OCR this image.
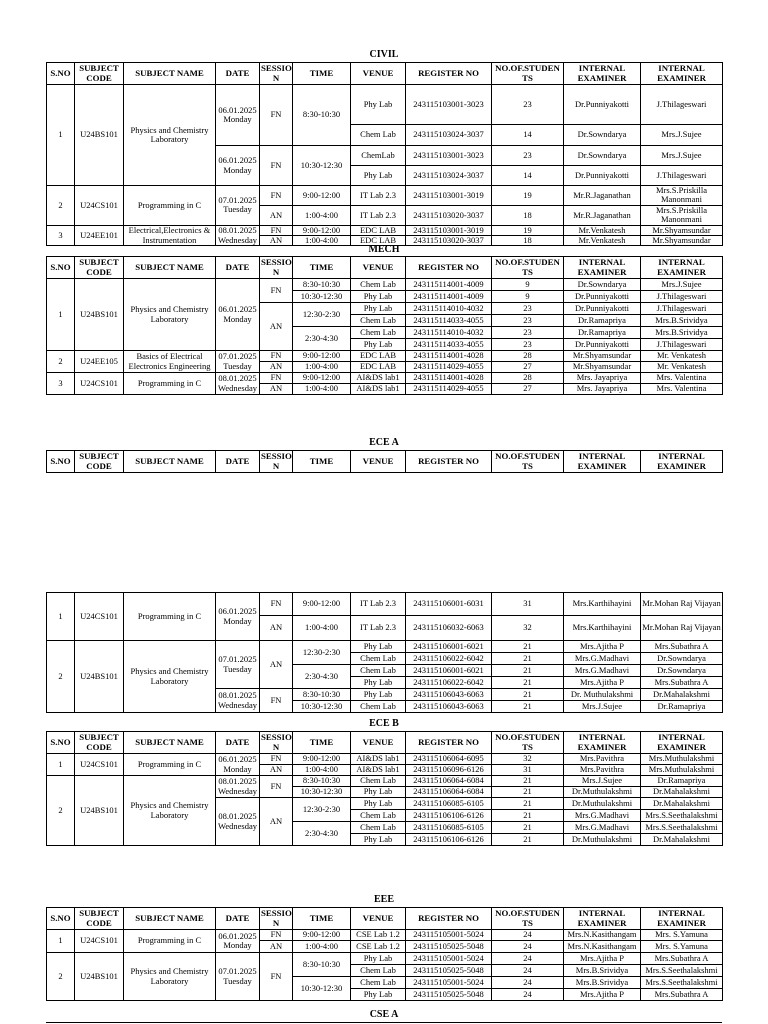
CIVIL
S.NO	SUBJECT CODE	SUBJECT NAME	DATE	SESSIO N	TIME	VENUE	REGISTER NO	NO.OF.STUDEN TS	INTERNAL EXAMINER	INTERNAL EXAMINER
1	U24BS101	Physics and Chemistry Laboratory	06.01.2025 Monday	FN	8:30-10:30	Phy Lab	243115103001-3023	23	Dr.Punniyakotti	J.Thilageswari
						Chem Lab	243115103024-3037	14	Dr.Sowndarya	Mrs.J.Sujee
			06.01.2025 Monday	FN	10:30-12:30	ChemLab	243115103001-3023	23	Dr.Sowndarya	Mrs.J.Sujee
						Phy Lab	243115103024-3037	14	Dr.Punniyakotti	J.Thilageswari
2	U24CS101	Programming in C	07.01.2025 Tuesday	FN	9:00-12:00	IT Lab 2.3	243115103001-3019	19	Mr.R.Jaganathan	Mrs.S.Priskilla Manonmani
				AN	1:00-4:00	IT Lab 2.3	243115103020-3037	18	Mr.R.Jaganathan	Mrs.S.Priskilla Manonmani
3	U24EE101	Electrical,Electronics & Instrumentation	08.01.2025 Wednesday	FN	9:00-12:00	EDC LAB	243115103001-3019	19	Mr.Venkatesh	Mr.Shyamsundar
				AN	1:00-4:00	EDC LAB	243115103020-3037	18	Mr.Venkatesh	Mr.Shyamsundar
MECH
S.NO	SUBJECT CODE	SUBJECT NAME	DATE	SESSIO N	TIME	VENUE	REGISTER NO	NO.OF.STUDEN TS	INTERNAL EXAMINER	INTERNAL EXAMINER
1	U24BS101	Physics and Chemistry Laboratory	06.01.2025 Monday	FN	8:30-10:30	Chem Lab	243115114001-4009	9	Dr.Sowndarya	Mrs.J.Sujee
					10:30-12:30	Phy Lab	243115114001-4009	9	Dr.Punniyakotti	J.Thilageswari
				AN	12:30-2:30	Phy Lab	243115114010-4032	23	Dr.Punniyakotti	J.Thilageswari
						Chem Lab	243115114033-4055	23	Dr.Ramapriya	Mrs.B.Srividya
					2:30-4:30	Chem Lab	243115114010-4032	23	Dr.Ramapriya	Mrs.B.Srividya
						Phy Lab	243115114033-4055	23	Dr.Punniyakotti	J.Thilageswari
2	U24EE105	Basics of Electrical Electronics Engineering	07.01.2025 Tuesday	FN	9:00-12:00	EDC LAB	243115114001-4028	28	Mr.Shyamsundar	Mr. Venkatesh
				AN	1:00-4:00	EDC LAB	243115114029-4055	27	Mr.Shyamsundar	Mr. Venkatesh
3	U24CS101	Programming in C	08.01.2025 Wednesday	FN	9:00-12:00	AI&DS lab1	243115114001-4028	28	Mrs. Jayapriya	Mrs. Valentina
				AN	1:00-4:00	AI&DS lab1	243115114029-4055	27	Mrs. Jayapriya	Mrs. Valentina
ECE A
S.NO	SUBJECT CODE	SUBJECT NAME	DATE	SESSIO N	TIME	VENUE	REGISTER NO	NO.OF.STUDEN TS	INTERNAL EXAMINER	INTERNAL EXAMINER
1	U24CS101	Programming in C	06.01.2025 Monday	FN	9:00-12:00	IT Lab 2.3	243115106001-6031	31	Mrs.Karthihayini	Mr.Mohan Raj Vijayan
				AN	1:00-4:00	IT Lab 2.3	243115106032-6063	32	Mrs.Karthihayini	Mr.Mohan Raj Vijayan
2	U24BS101	Physics and Chemistry Laboratory	07.01.2025 Tuesday	AN	12:30-2:30	Phy Lab	243115106001-6021	21	Mrs.Ajitha P	Mrs.Subathra A
						Chem Lab	243115106022-6042	21	Mrs.G.Madhavi	Dr.Sowndarya
					2:30-4:30	Chem Lab	243115106001-6021	21	Mrs.G.Madhavi	Dr.Sowndarya
						Phy Lab	243115106022-6042	21	Mrs.Ajitha P	Mrs.Subathra A
			08.01.2025 Wednesday	FN	8:30-10:30	Phy Lab	243115106043-6063	21	Dr. Muthulakshmi	Dr.Mahalakshmi
					10:30-12:30	Chem Lab	243115106043-6063	21	Mrs.J.Sujee	Dr.Ramapriya
ECE B
S.NO	SUBJECT CODE	SUBJECT NAME	DATE	SESSIO N	TIME	VENUE	REGISTER NO	NO.OF.STUDEN TS	INTERNAL EXAMINER	INTERNAL EXAMINER
1	U24CS101	Programming in C	06.01.2025 Monday	FN	9:00-12:00	AI&DS lab1	243115106064-6095	32	Mrs.Pavithra	Mrs.Muthulakshmi
				AN	1:00-4:00	AI&DS lab1	243115106096-6126	31	Mrs.Pavithra	Mrs.Muthulakshmi
2	U24BS101	Physics and Chemistry Laboratory	08.01.2025 Wednesday	FN	8:30-10:30	Chem Lab	243115106064-6084	21	Mrs.J.Sujee	Dr.Ramapriya
					10:30-12:30	Phy Lab	243115106064-6084	21	Dr.Muthulakshmi	Dr.Mahalakshmi
			08.01.2025 Wednesday	AN	12:30-2:30	Phy Lab	243115106085-6105	21	Dr.Muthulakshmi	Dr.Mahalakshmi
						Chem Lab	243115106106-6126	21	Mrs.G.Madhavi	Mrs.S.Seethalakshmi
					2:30-4:30	Chem Lab	243115106085-6105	21	Mrs.G.Madhavi	Mrs.S.Seethalakshmi
						Phy Lab	243115106106-6126	21	Dr.Muthulakshmi	Dr.Mahalakshmi
EEE
S.NO	SUBJECT CODE	SUBJECT NAME	DATE	SESSIO N	TIME	VENUE	REGISTER NO	NO.OF.STUDEN TS	INTERNAL EXAMINER	INTERNAL EXAMINER
1	U24CS101	Programming in C	06.01.2025 Monday	FN	9:00-12:00	CSE Lab 1.2	243115105001-5024	24	Mrs.N.Kasithangam	Mrs. S.Yamuna
				AN	1:00-4:00	CSE Lab 1.2	243115105025-5048	24	Mrs.N.Kasithangam	Mrs. S.Yamuna
2	U24BS101	Physics and Chemistry Laboratory	07.01.2025 Tuesday	FN	8:30-10:30	Phy Lab	243115105001-5024	24	Mrs.Ajitha P	Mrs.Subathra A
						Chem Lab	243115105025-5048	24	Mrs.B.Srividya	Mrs.S.Seethalakshmi
					10:30-12:30	Chem Lab	243115105001-5024	24	Mrs.B.Srividya	Mrs.S.Seethalakshmi
						Phy Lab	243115105025-5048	24	Mrs.Ajitha P	Mrs.Subathra A
CSE A
